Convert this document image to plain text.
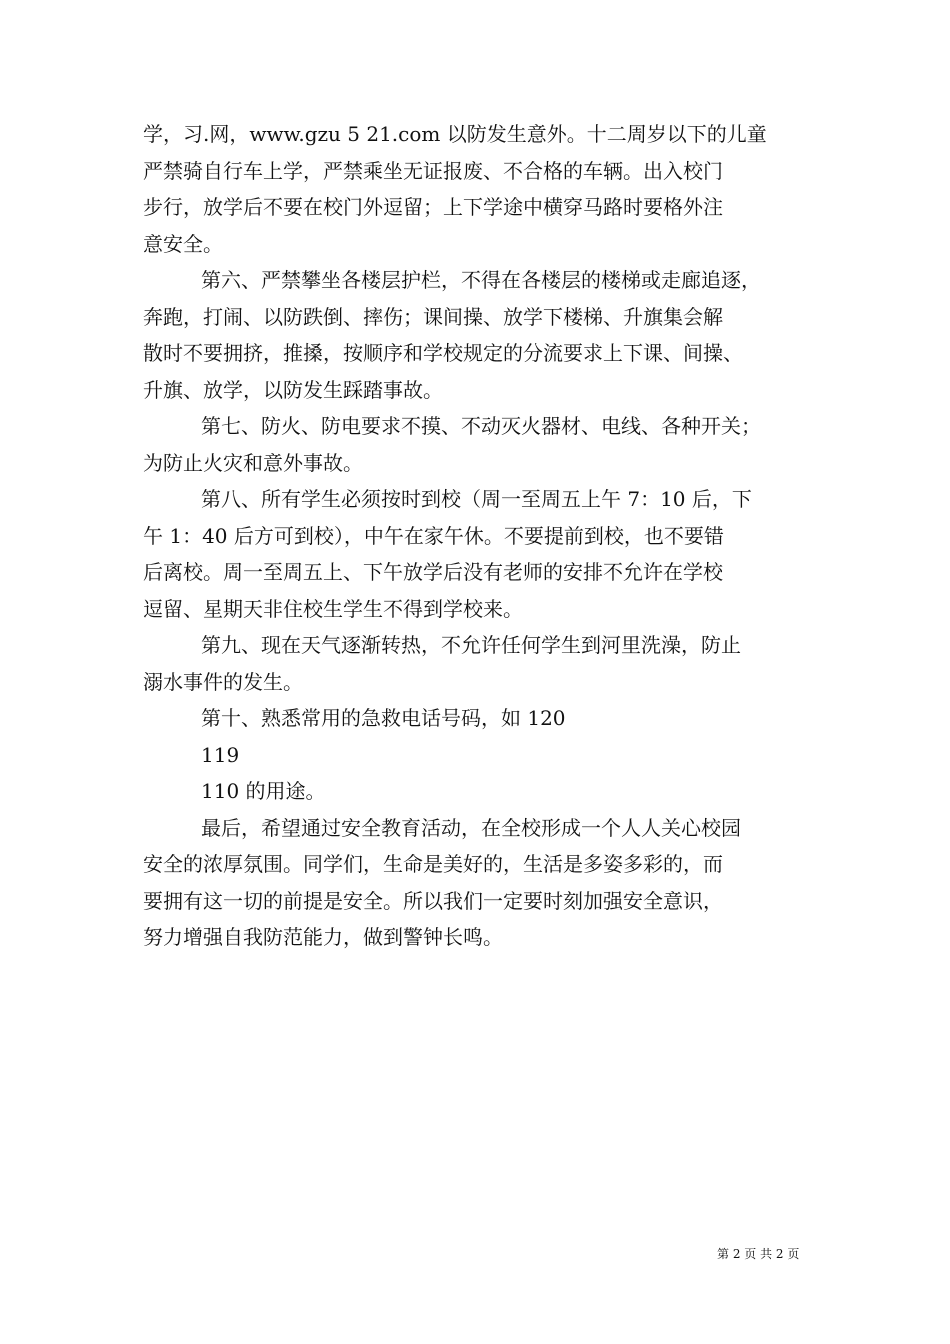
学，习.网，www.gzu 5 21.com 以防发生意外。十二周岁以下的儿童
严禁骑自行车上学，严禁乘坐无证报废、不合格的车辆。出入校门
步行，放学后不要在校门外逗留；上下学途中横穿马路时要格外注
意安全。
第六、严禁攀坐各楼层护栏，不得在各楼层的楼梯或走廊追逐，
奔跑，打闹、以防跌倒、摔伤；课间操、放学下楼梯、升旗集会解
散时不要拥挤，推搡，按顺序和学校规定的分流要求上下课、间操、
升旗、放学，以防发生踩踏事故。
第七、防火、防电要求不摸、不动灭火器材、电线、各种开关；
为防止火灾和意外事故。
第八、所有学生必须按时到校（周一至周五上午 7：10 后，下
午 1：40 后方可到校），中午在家午休。不要提前到校，也不要错
后离校。周一至周五上、下午放学后没有老师的安排不允许在学校
逗留、星期天非住校生学生不得到学校来。
第九、现在天气逐渐转热，不允许任何学生到河里洗澡，防止
溺水事件的发生。
第十、熟悉常用的急救电话号码，如 120
119
110 的用途。
最后，希望通过安全教育活动，在全校形成一个人人关心校园
安全的浓厚氛围。同学们，生命是美好的，生活是多姿多彩的，而
要拥有这一切的前提是安全。所以我们一定要时刻加强安全意识，
努力增强自我防范能力，做到警钟长鸣。
第 2 页 共 2 页
